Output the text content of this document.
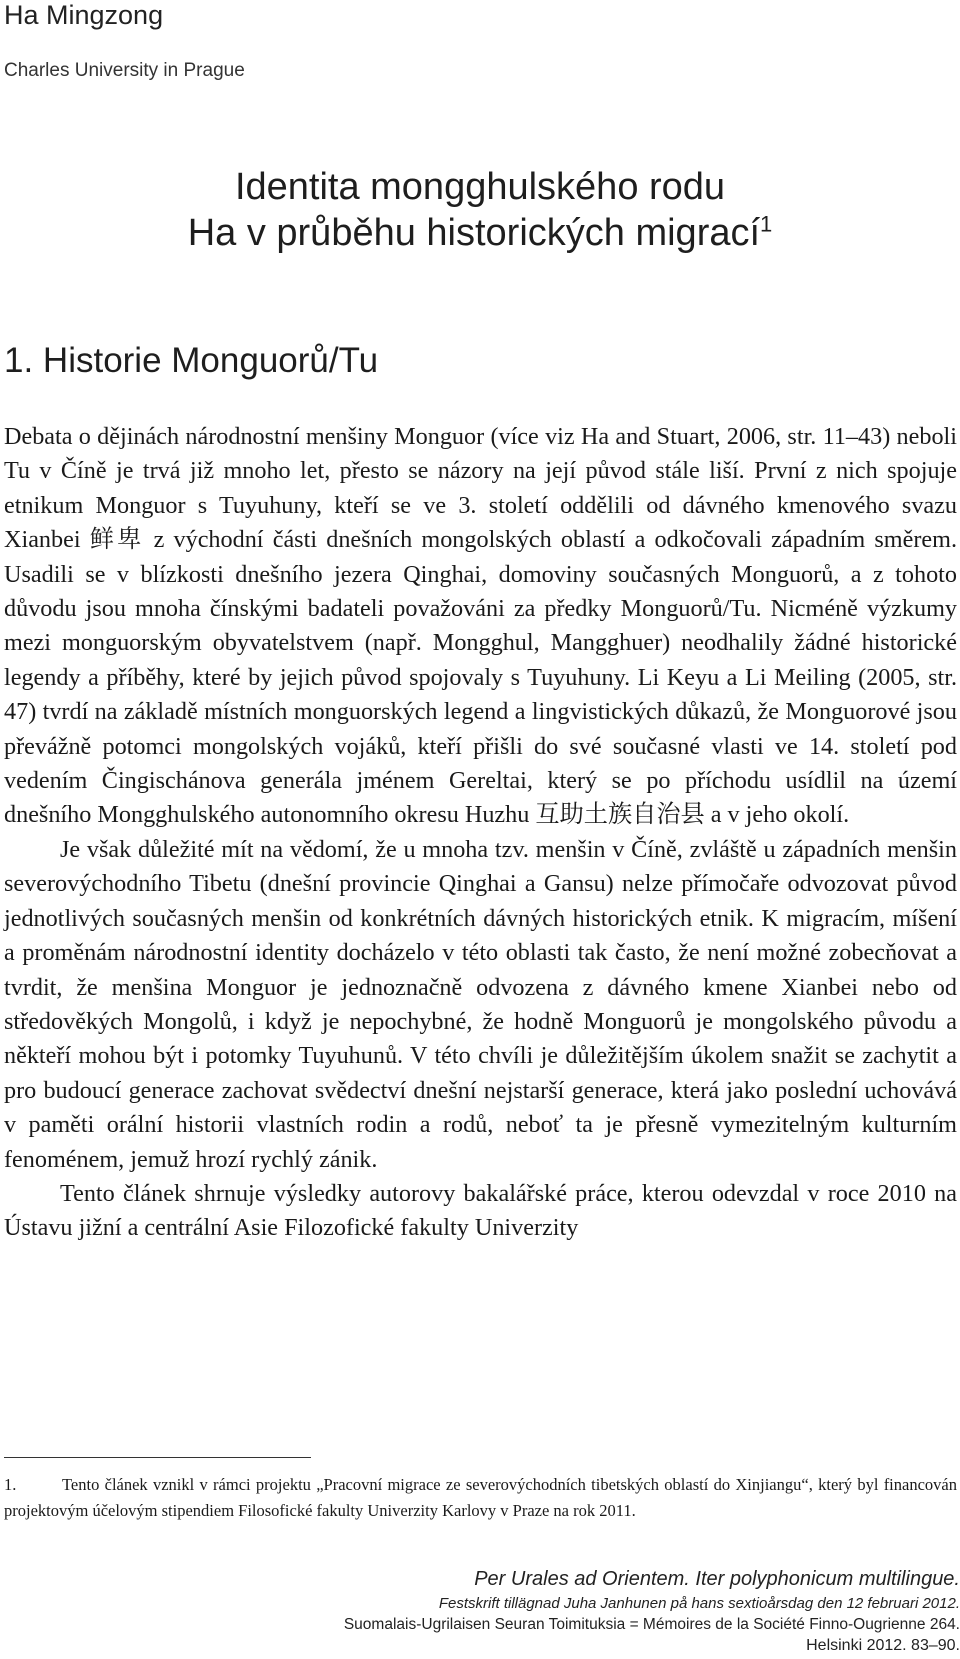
Ha Mingzong
Charles University in Prague
Identita mongghulského rodu
Ha v průběhu historických migrací$^1$
1. Historie Monguorů/Tu

Debata o dějinách národnostní menšiny Monguor (více viz Ha and Stuart, 2006, str. 11–43) neboli Tu v Číně je trvá již mnoho let, přesto se názory na její původ stále liší. První z nich spojuje etnikum Monguor s Tuyuhuny, kteří se ve 3. století oddělili od dávného kmenového svazu Xianbei 鲜卑 z východní části dnešních mongolských oblastí a odkočovali západním směrem. Usadili se v blízkosti dnešního jezera Qinghai, domoviny současných Monguorů, a z tohoto důvodu jsou mnoha čínskými badateli považováni za předky Monguorů/Tu. Nicméně výzkumy mezi monguorským obyvatelstvem (např. Mongghul, Mangghuer) neodhalily žádné historické legendy a příběhy, které by jejich původ spojovaly s Tuyuhuny. Li Keyu a Li Meiling (2005, str. 47) tvrdí na základě místních monguorských legend a lingvistických důkazů, že Monguorové jsou převážně potomci mongolských vojáků, kteří přišli do své současné vlasti ve 14. století pod vedením Čingischánova generála jménem Gereltai, který se po příchodu usídlil na území dnešního Mongghulského autonomního okresu Huzhu 互助土族自治县 a v jeho okolí.

Je však důležité mít na vědomí, že u mnoha tzv. menšin v Číně, zvláště u západních menšin severovýchodního Tibetu (dnešní provincie Qinghai a Gansu) nelze přímočaře odvozovat původ jednotlivých současných menšin od konkrétních dávných historických etnik. K migracím, míšení a proměnám národnostní identity docházelo v této oblasti tak často, že není možné zobecňovat a tvrdit, že menšina Monguor je jednoznačně odvozena z dávného kmene Xianbei nebo od středověkých Mongolů, i když je nepochybné, že hodně Monguorů je mongolského původu a někteří mohou být i potomky Tuyuhunů. V této chvíli je důležitějším úkolem snažit se zachytit a pro budoucí generace zachovat svědectví dnešní nejstarší generace, která jako poslední uchovává v paměti orální historii vlastních rodin a rodů, neboť ta je přesně vymezitelným kulturním fenoménem, jemuž hrozí rychlý zánik.

Tento článek shrnuje výsledky autorovy bakalářské práce, kterou odevzdal v roce 2010 na Ústavu jižní a centrální Asie Filozofické fakulty Univerzity

1.	Tento článek vznikl v rámci projektu „Pracovní migrace ze severovýchodních tibetských oblastí do Xinjiangu“, který byl financován projektovým účelovým stipendiem Filosofické fakulty Univerzity Karlovy v Praze na rok 2011.
Per Urales ad Orientem. Iter polyphonicum multilingue.
Festskrift tillägnad Juha Janhunen på hans sextioårsdag den 12 februari 2012.
Suomalais-Ugrilaisen Seuran Toimituksia = Mémoires de la Société Finno-Ougrienne 264.
Helsinki 2012. 83–90.
